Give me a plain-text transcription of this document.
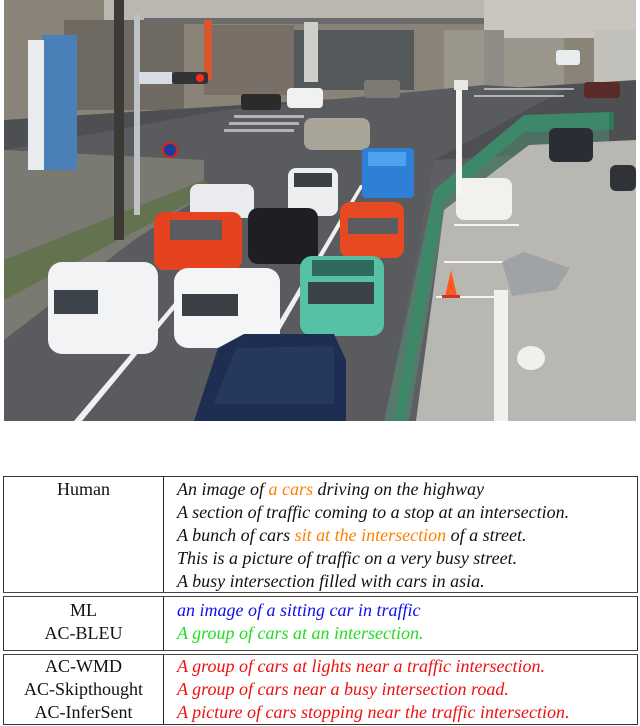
Human	An image of a cars driving on the highway
A section of traffic coming to a stop at an intersection.
A bunch of cars sit at the intersection of a street.
This is a picture of traffic on a very busy street.
A busy intersection filled with cars in asia.
ML
AC-BLEU
an image of a sitting car in traffic
A group of cars at an intersection.
AC-WMD
AC-Skipthought
AC-InferSent
A group of cars at lights near a traffic intersection.
A group of cars near a busy intersection road.
A picture of cars stopping near the traffic intersection.
